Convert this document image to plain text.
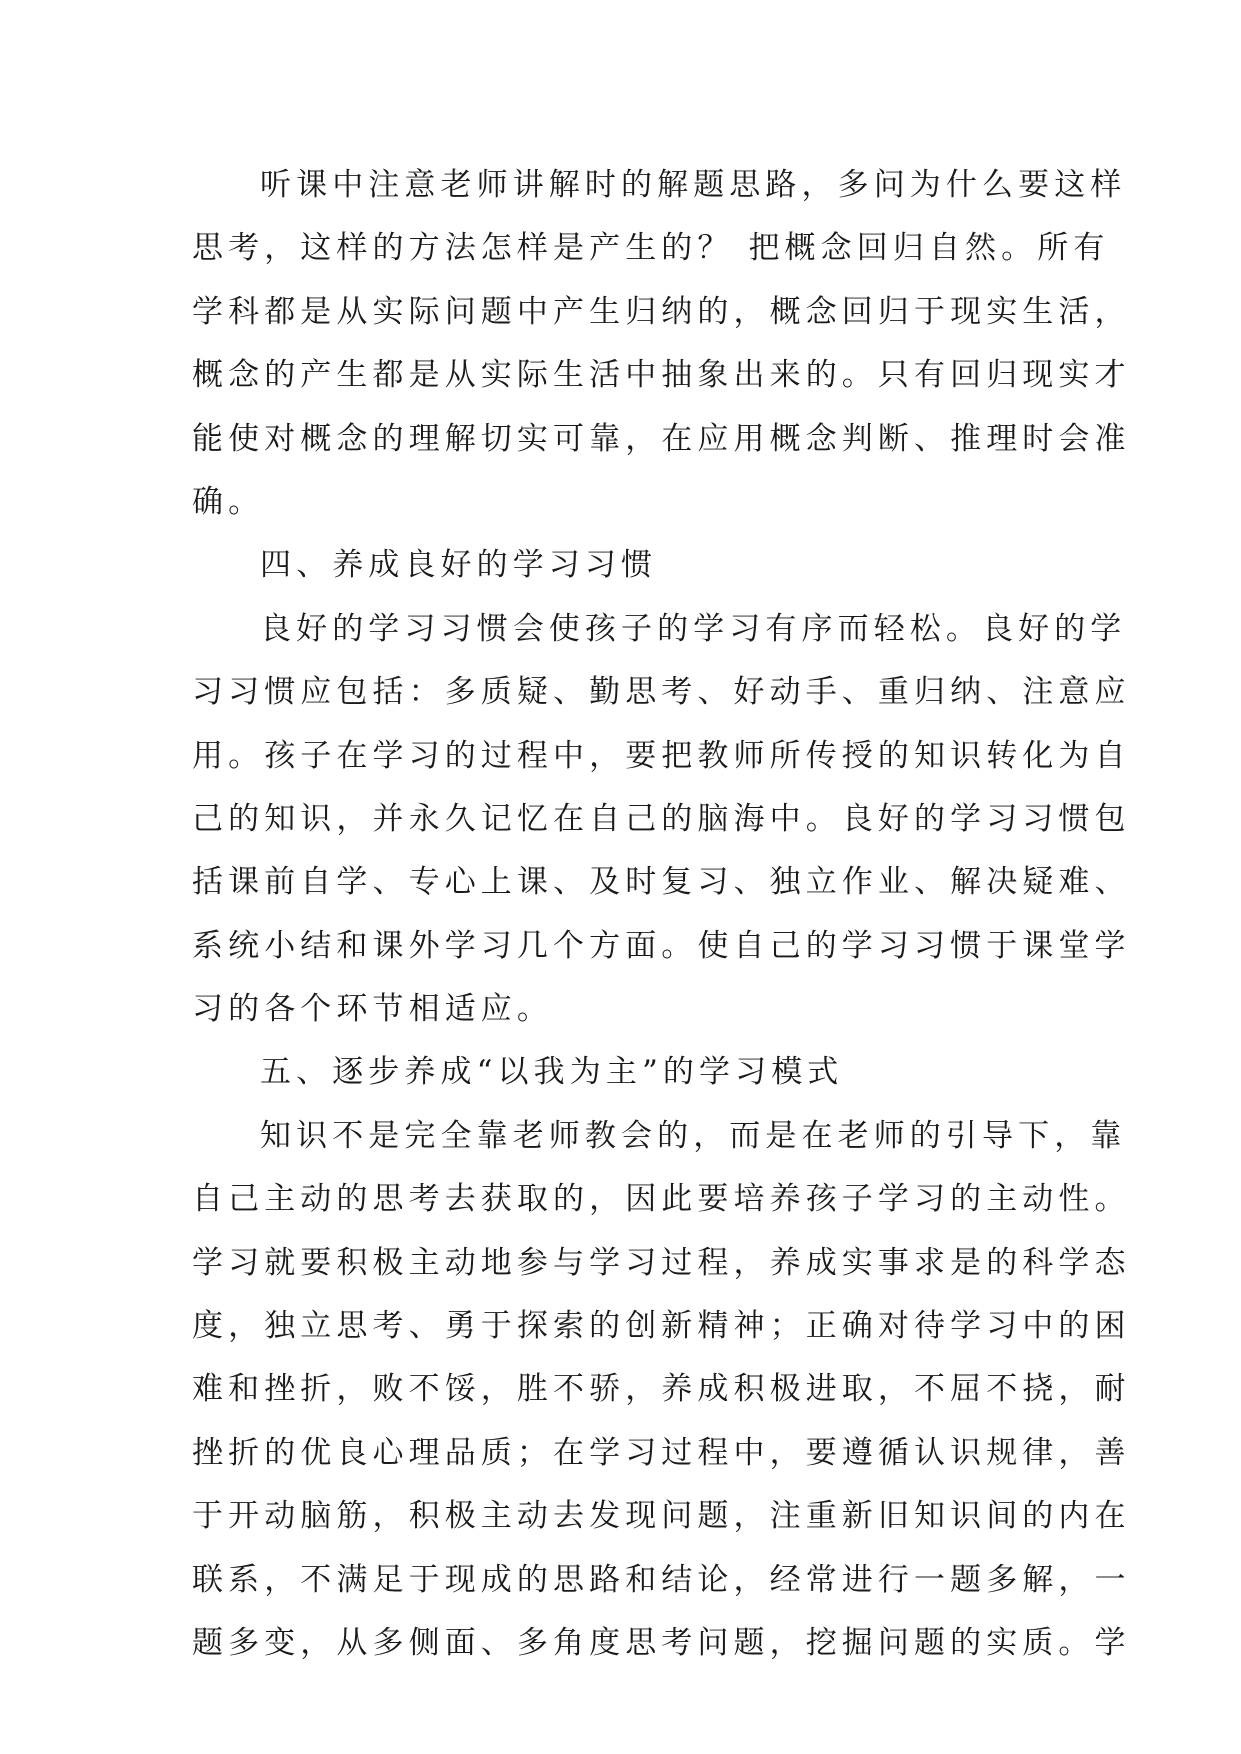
听课中注意老师讲解时的解题思路，多问为什么要这样
思考，这样的方法怎样是产生的？ 把概念回归自然。所有
学科都是从实际问题中产生归纳的，概念回归于现实生活，
概念的产生都是从实际生活中抽象出来的。只有回归现实才
能使对概念的理解切实可靠，在应用概念判断、推理时会准
确。
四、养成良好的学习习惯
良好的学习习惯会使孩子的学习有序而轻松。良好的学
习习惯应包括：多质疑、勤思考、好动手、重归纳、注意应
用。孩子在学习的过程中，要把教师所传授的知识转化为自
己的知识，并永久记忆在自己的脑海中。良好的学习习惯包
括课前自学、专心上课、及时复习、独立作业、解决疑难、
系统小结和课外学习几个方面。使自己的学习习惯于课堂学
习的各个环节相适应。
五、逐步养成“以我为主”的学习模式
知识不是完全靠老师教会的，而是在老师的引导下，靠
自己主动的思考去获取的，因此要培养孩子学习的主动性。
学习就要积极主动地参与学习过程，养成实事求是的科学态
度，独立思考、勇于探索的创新精神；正确对待学习中的困
难和挫折，败不馁，胜不骄，养成积极进取，不屈不挠，耐
挫折的优良心理品质；在学习过程中，要遵循认识规律，善
于开动脑筋，积极主动去发现问题，注重新旧知识间的内在
联系，不满足于现成的思路和结论，经常进行一题多解，一
题多变，从多侧面、多角度思考问题，挖掘问题的实质。学
